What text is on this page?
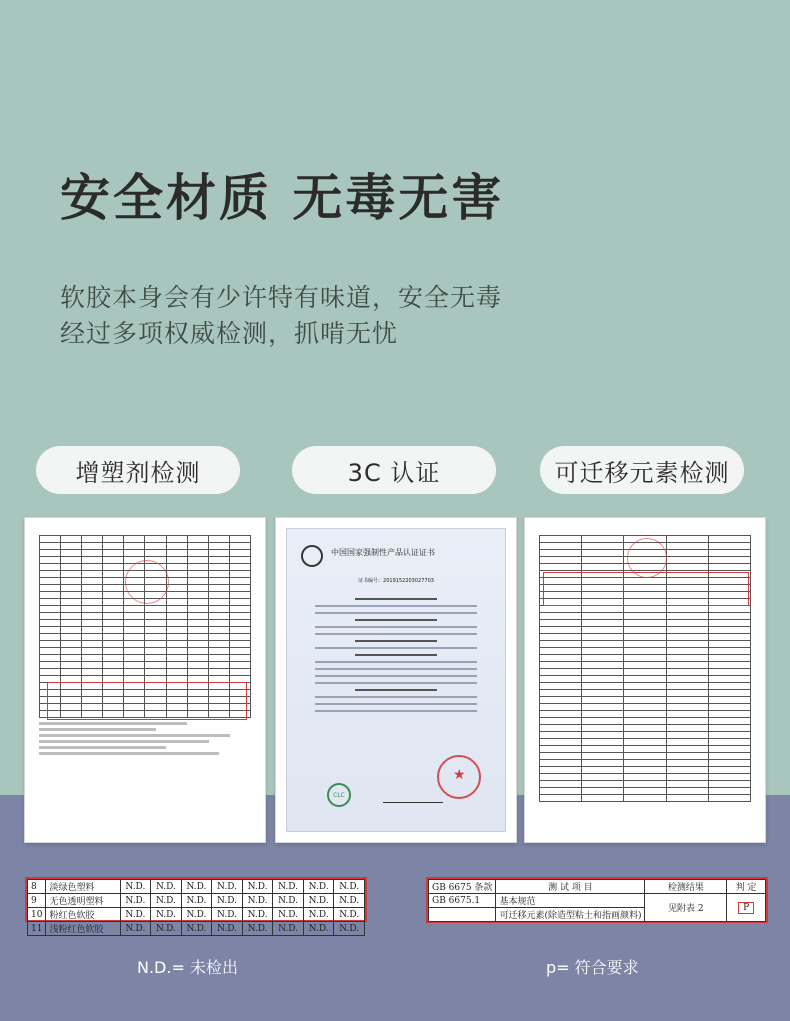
安全材质 无毒无害
软胶本身会有少许特有味道，安全无毒
经过多项权威检测，抓啃无忧
增塑剂检测	3C 认证	可迁移元素检测

中国国家强制性产品认证证书
证书编号：2019152203027703
CLC
★

8	淡绿色塑料	N.D.	N.D.	N.D.	N.D.	N.D.	N.D.	N.D.	N.D.
9	无色透明塑料	N.D.	N.D.	N.D.	N.D.	N.D.	N.D.	N.D.	N.D.
10	粉红色软胶	N.D.	N.D.	N.D.	N.D.	N.D.	N.D.	N.D.	N.D.
11	浅粉红色软胶	N.D.	N.D.	N.D.	N.D.	N.D.	N.D.	N.D.	N.D.
GB 6675 条款	测 试 项 目	检测结果	判 定
GB 6675.1	基本规范	见附表 2	P
	可迁移元素(除造型粘土和指画颜料)		
N.D.= 未检出	p= 符合要求
